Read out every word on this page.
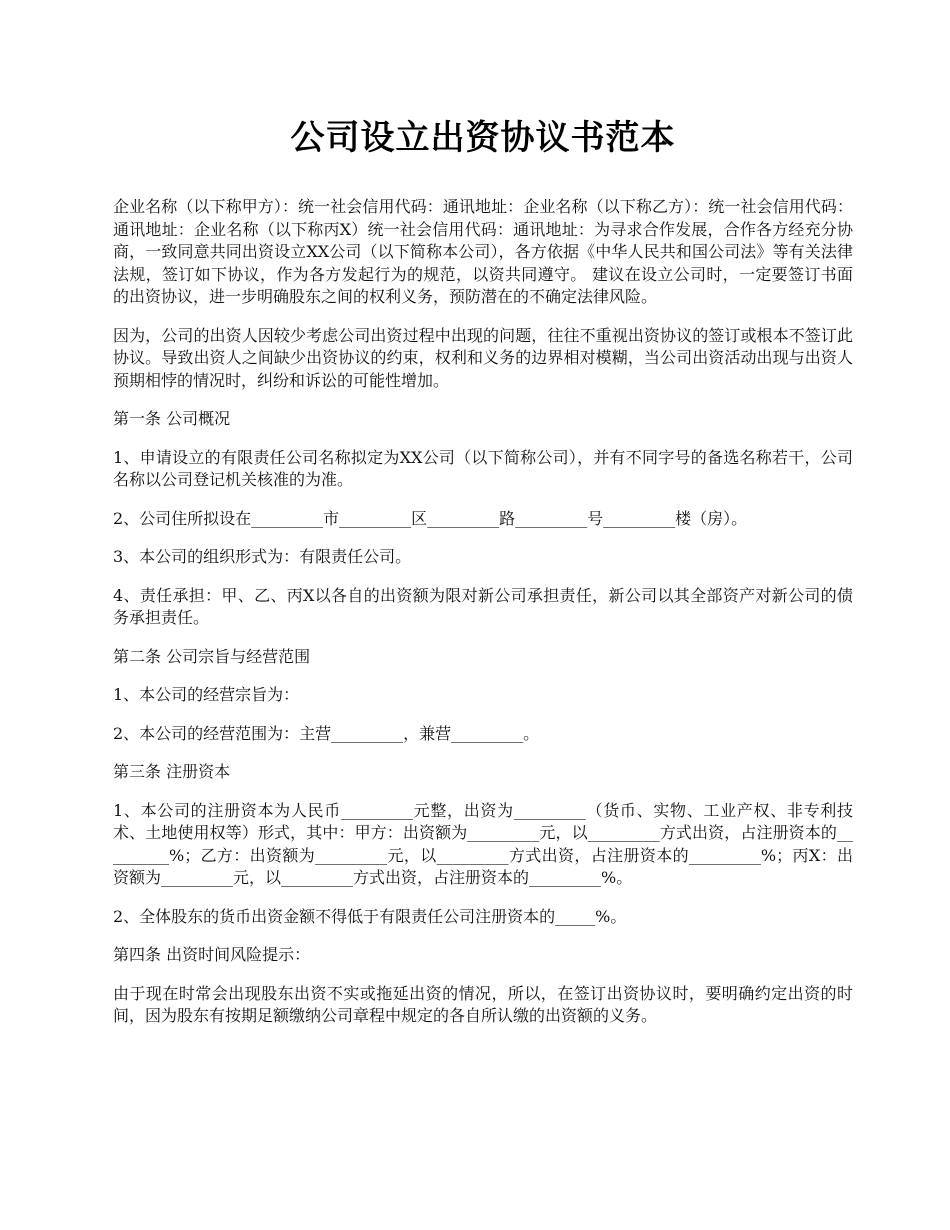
公司设立出资协议书范本

企业名称（以下称甲方）：统一社会信用代码：通讯地址：企业名称（以下称乙方）：统一社会信用代码：通讯地址：企业名称（以下称丙X）统一社会信用代码：通讯地址：为寻求合作发展，合作各方经充分协商，一致同意共同出资设立XX公司（以下简称本公司），各方依据《中华人民共和国公司法》等有关法律法规，签订如下协议，作为各方发起行为的规范，以资共同遵守。 建议在设立公司时，一定要签订书面的出资协议，进一步明确股东之间的权利义务，预防潜在的不确定法律风险。

因为，公司的出资人因较少考虑公司出资过程中出现的问题，往往不重视出资协议的签订或根本不签订此协议。导致出资人之间缺少出资协议的约束，权利和义务的边界相对模糊，当公司出资活动出现与出资人预期相悖的情况时，纠纷和诉讼的可能性增加。

第一条 公司概况

1、申请设立的有限责任公司名称拟定为XX公司（以下简称公司），并有不同字号的备选名称若干，公司名称以公司登记机关核准的为准。

2、公司住所拟设在_________市_________区_________路_________号_________楼（房）。

3、本公司的组织形式为：有限责任公司。

4、责任承担：甲、乙、丙X以各自的出资额为限对新公司承担责任，新公司以其全部资产对新公司的债务承担责任。

第二条 公司宗旨与经营范围

1、本公司的经营宗旨为：

2、本公司的经营范围为：主营_________，兼营_________。

第三条 注册资本

1、本公司的注册资本为人民币_________元整，出资为_________（货币、实物、工业产权、非专利技术、土地使用权等）形式，其中：甲方：出资额为_________元，以_________方式出资，占注册资本的_________%；乙方：出资额为_________元，以_________方式出资，占注册资本的_________%；丙X：出资额为_________元，以_________方式出资，占注册资本的_________%。

2、全体股东的货币出资金额不得低于有限责任公司注册资本的_____%。

第四条 出资时间风险提示：

由于现在时常会出现股东出资不实或拖延出资的情况，所以，在签订出资协议时，要明确约定出资的时间，因为股东有按期足额缴纳公司章程中规定的各自所认缴的出资额的义务。
